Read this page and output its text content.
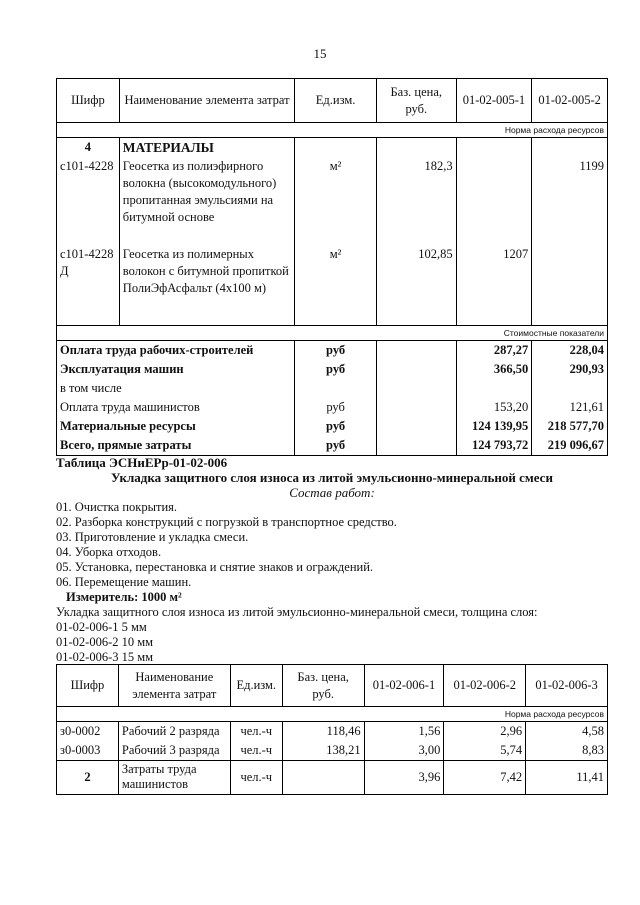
15
Шифр	Наименование элемента затрат	Ед.изм.	Баз. цена, руб.	01-02-005-1	01-02-005-2
Норма расхода ресурсов					
4	МАТЕРИАЛЫ				
с101-4228	Геосетка из полиэфирного волокна (высокомодульного) пропитанная эмульсиями на битумной основе	м²	182,3		1199
с101-4228Д	Геосетка из полимерных волокон с битумной пропиткой ПолиЭфАсфальт (4х100 м)	м²	102,85	1207	
Стоимостные показатели					
Оплата труда рабочих-строителей		руб		287,27	228,04
Эксплуатация машин		руб		366,50	290,93
в том числе					
Оплата труда машинистов		руб		153,20	121,61
Материальные ресурсы		руб		124 139,95	218 577,70
Всего, прямые затраты		руб		124 793,72	219 096,67
Таблица ЭСНиЕРр-01-02-006
Укладка защитного слоя износа из литой эмульсионно-минеральной смеси
Состав работ:
01. Очистка покрытия.
02. Разборка конструкций с погрузкой в транспортное средство.
03. Приготовление и укладка смеси.
04. Уборка отходов.
05. Установка, перестановка и снятие знаков и ограждений.
06. Перемещение машин.
Измеритель: 1000 м²
Укладка защитного слоя износа из литой эмульсионно-минеральной смеси, толщина слоя:
01-02-006-1 5 мм
01-02-006-2 10 мм
01-02-006-3 15 мм
Шифр	Наименование элемента затрат	Ед.изм.	Баз. цена, руб.	01-02-006-1	01-02-006-2	01-02-006-3
Норма расхода ресурсов						
з0-0002	Рабочий 2 разряда	чел.-ч	118,46	1,56	2,96	4,58
з0-0003	Рабочий 3 разряда	чел.-ч	138,21	3,00	5,74	8,83
2	Затраты труда машинистов	чел.-ч		3,96	7,42	11,41
